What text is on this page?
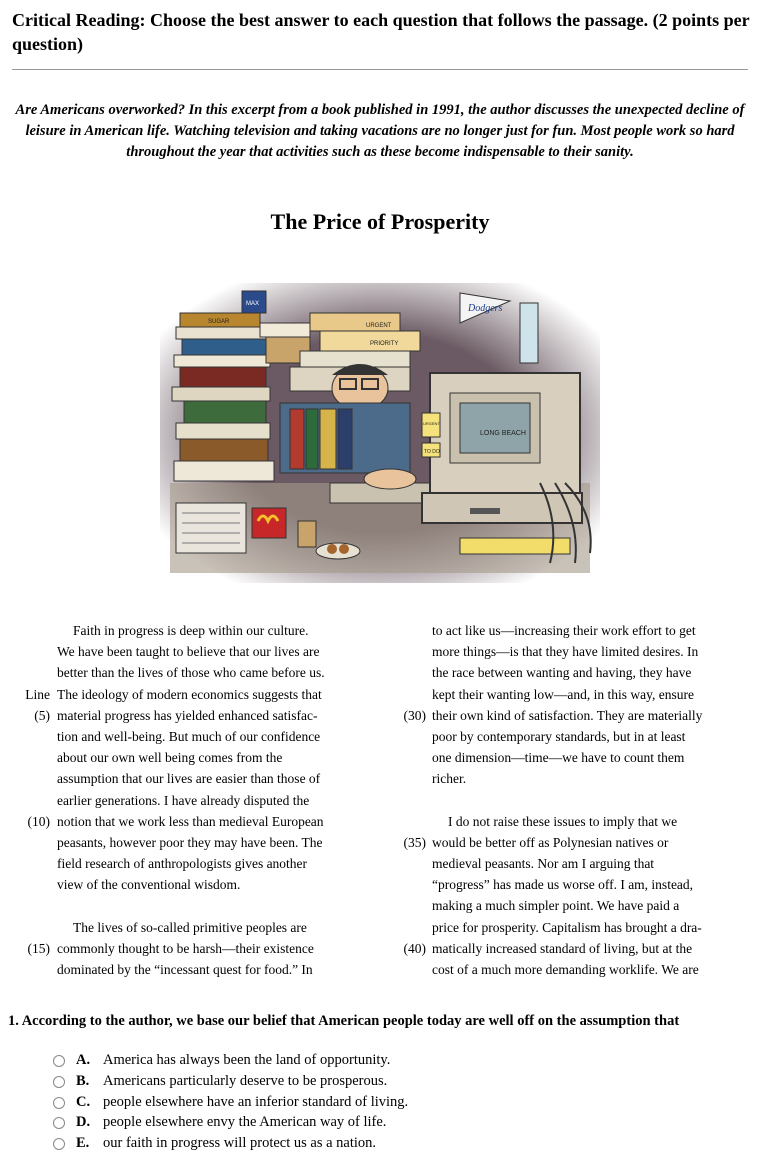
Critical Reading: Choose the best answer to each question that follows the passage. (2 points per question)
Are Americans overworked? In this excerpt from a book published in 1991, the author discusses the unexpected decline of leisure in American life. Watching television and taking vacations are no longer just for fun. Most people work so hard throughout the year that activities such as these become indispensable to their sanity.
The Price of Prosperity
Dodgers
URGENT
PRIORITY
TO DO
URGENT
LONG BEACH
SUGAR
MAX
Line
(5)
(10)
(15)
Faith in progress is deep within our culture.
We have been taught to believe that our lives are
better than the lives of those who came before us.
The ideology of modern economics suggests that
material progress has yielded enhanced satisfac-
tion and well-being. But much of our confidence
about our own well being comes from the
assumption that our lives are easier than those of
earlier generations. I have already disputed the
notion that we work less than medieval European
peasants, however poor they may have been. The
field research of anthropologists gives another
view of the conventional wisdom.
The lives of so-called primitive peoples are
commonly thought to be harsh—their existence
dominated by the “incessant quest for food.” In
(30)
(35)
(40)
to act like us—increasing their work effort to get
more things—is that they have limited desires. In
the race between wanting and having, they have
kept their wanting low—and, in this way, ensure
their own kind of satisfaction. They are materially
poor by contemporary standards, but in at least
one dimension—time—we have to count them
richer.
I do not raise these issues to imply that we
would be better off as Polynesian natives or
medieval peasants. Nor am I arguing that
“progress” has made us worse off. I am, instead,
making a much simpler point. We have paid a
price for prosperity. Capitalism has brought a dra-
matically increased standard of living, but at the
cost of a much more demanding worklife. We are
1. According to the author, we base our belief that American people today are well off on the assumption that
A. America has always been the land of opportunity.
B. Americans particularly deserve to be prosperous.
C. people elsewhere have an inferior standard of living.
D. people elsewhere envy the American way of life.
E. our faith in progress will protect us as a nation.
